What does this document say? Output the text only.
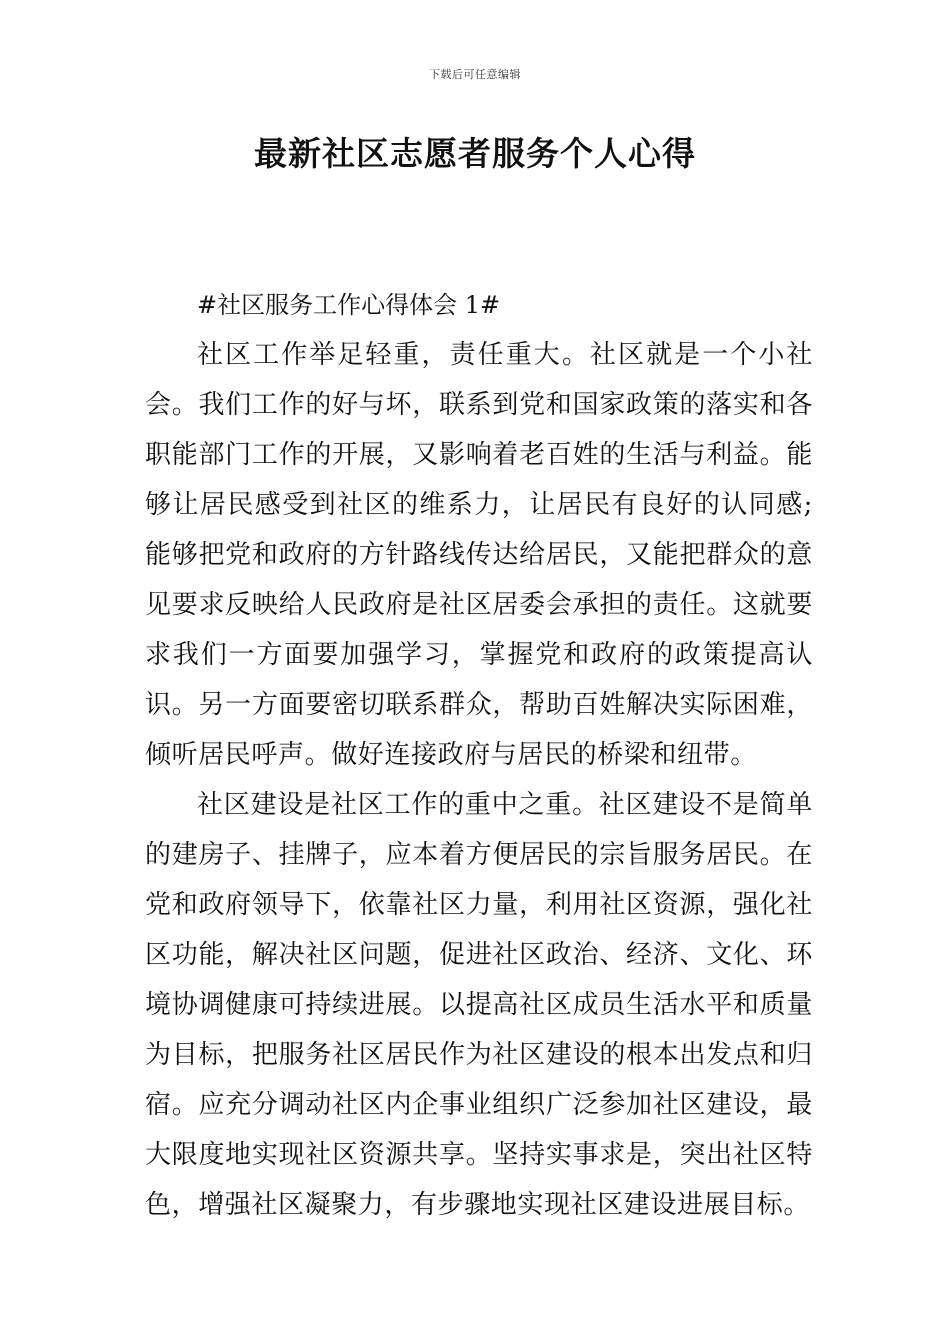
下载后可任意编辑
最新社区志愿者服务个人心得

#社区服务工作心得体会 1#

社区工作举足轻重，责任重大。社区就是一个小社会。我们工作的好与坏，联系到党和国家政策的落实和各职能部门工作的开展，又影响着老百姓的生活与利益。能够让居民感受到社区的维系力，让居民有良好的认同感;能够把党和政府的方针路线传达给居民，又能把群众的意见要求反映给人民政府是社区居委会承担的责任。这就要求我们一方面要加强学习，掌握党和政府的政策提高认识。另一方面要密切联系群众，帮助百姓解决实际困难，倾听居民呼声。做好连接政府与居民的桥梁和纽带。

社区建设是社区工作的重中之重。社区建设不是简单的建房子、挂牌子，应本着方便居民的宗旨服务居民。在党和政府领导下，依靠社区力量，利用社区资源，强化社区功能，解决社区问题，促进社区政治、经济、文化、环境协调健康可持续进展。以提高社区成员生活水平和质量为目标，把服务社区居民作为社区建设的根本出发点和归宿。应充分调动社区内企事业组织广泛参加社区建设，最大限度地实现社区资源共享。坚持实事求是，突出社区特色，增强社区凝聚力，有步骤地实现社区建设进展目标。
